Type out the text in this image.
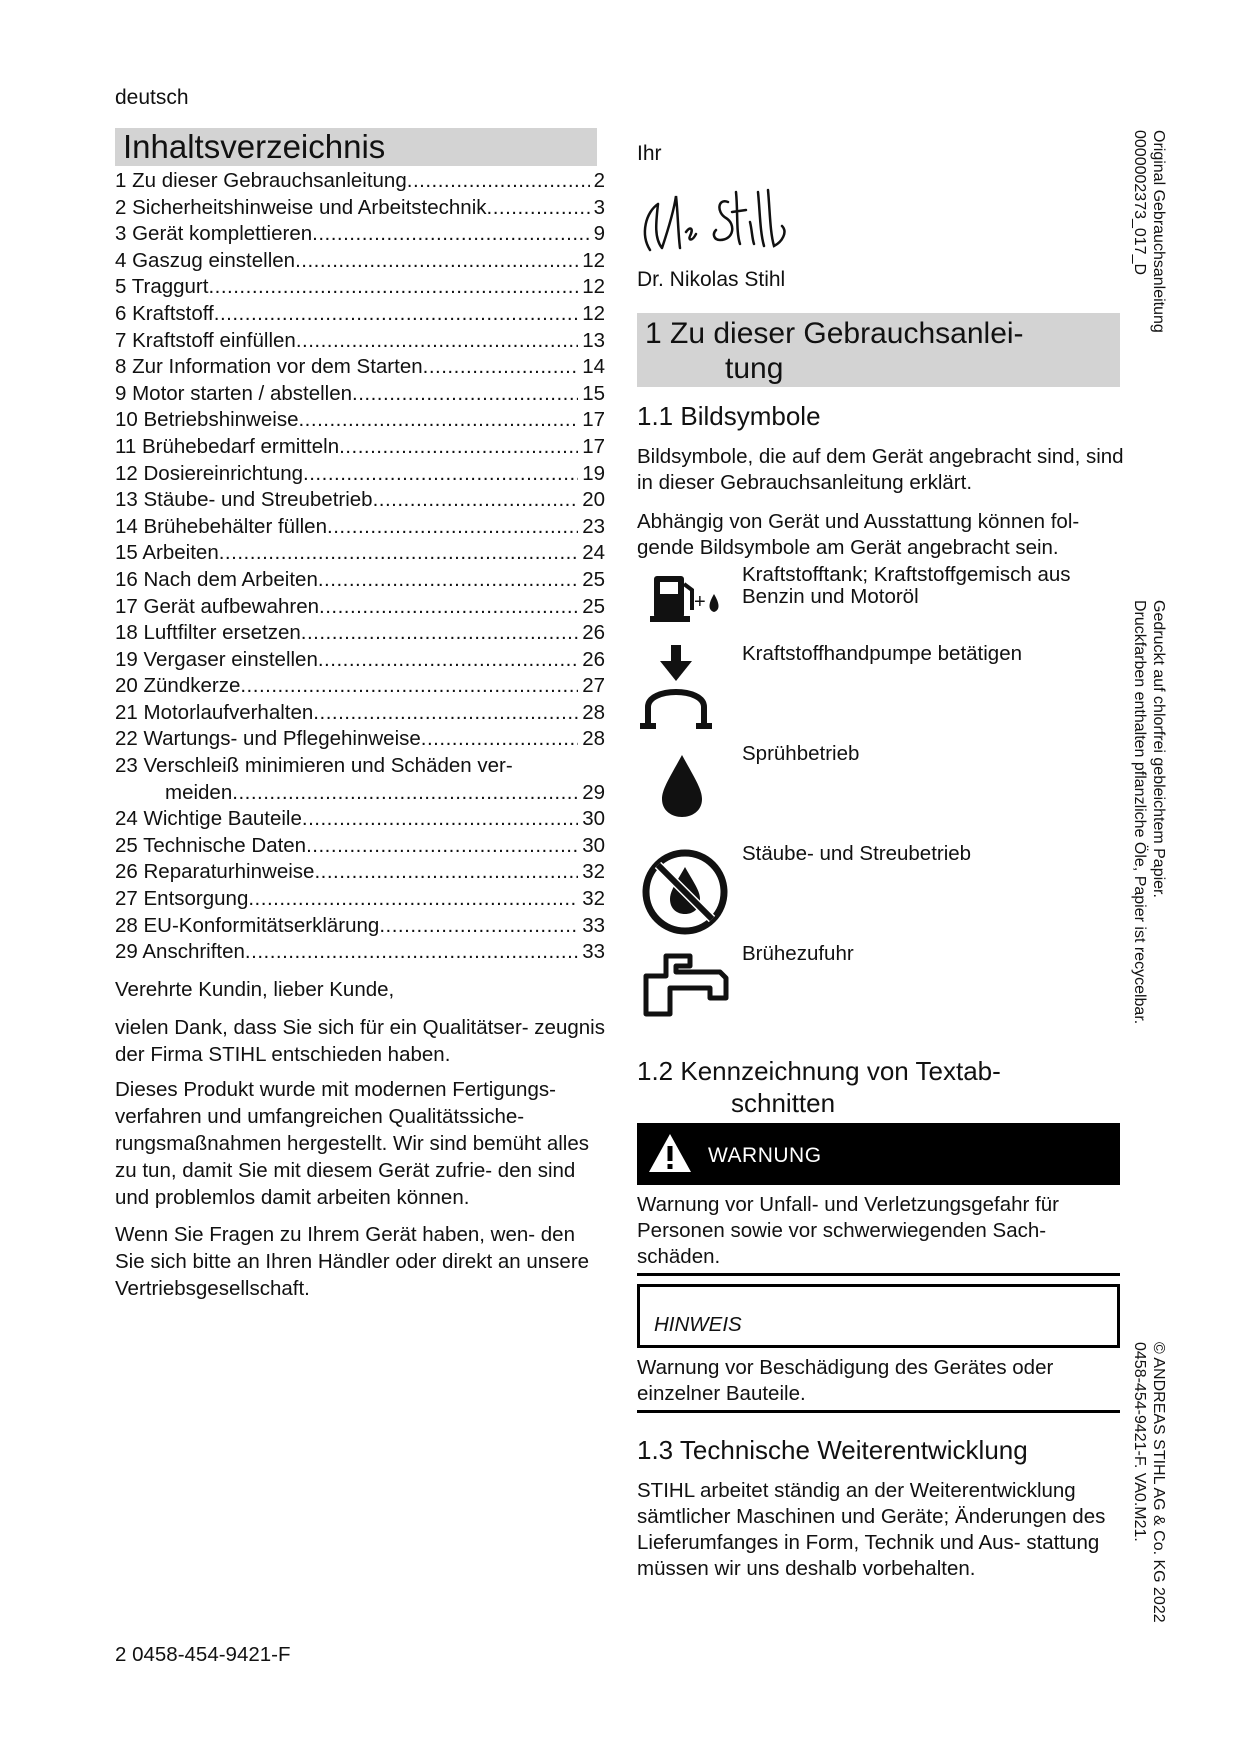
deutsch
Inhaltsverzeichnis
1 Zu dieser Gebrauchsanleitung .....	2
2 Sicherheitshinweise und Arbeitstechnik .....	3
3 Gerät komplettieren .....	9
4 Gaszug einstellen .....	12
5 Traggurt .....	12
6 Kraftstoff .....	12
7 Kraftstoff einfüllen .....	13
8 Zur Information vor dem Starten .....	14
9 Motor starten / abstellen .....	15
10 Betriebshinweise .....	17
11 Brühebedarf ermitteln .....	17
12 Dosiereinrichtung .....	19
13 Stäube- und Streubetrieb .....	20
14 Brühebehälter füllen .....	23
15 Arbeiten .....	24
16 Nach dem Arbeiten .....	25
17 Gerät aufbewahren .....	25
18 Luftfilter ersetzen .....	26
19 Vergaser einstellen .....	26
20 Zündkerze .....	27
21 Motorlaufverhalten .....	28
22 Wartungs- und Pflegehinweise .....	28
23 Verschleiß minimieren und Schäden ver-
meiden .....	29
24 Wichtige Bauteile .....	30
25 Technische Daten .....	30
26 Reparaturhinweise .....	32
27 Entsorgung .....	32
28 EU-Konformitätserklärung .....	33
29 Anschriften .....	33

Verehrte Kundin, lieber Kunde,

vielen Dank, dass Sie sich für ein Qualitätser- zeugnis der Firma STIHL entschieden haben.

Dieses Produkt wurde mit modernen Fertigungs- verfahren und umfangreichen Qualitätssiche- rungsmaßnahmen hergestellt. Wir sind bemüht alles zu tun, damit Sie mit diesem Gerät zufrie- den sind und problemlos damit arbeiten können.

Wenn Sie Fragen zu Ihrem Gerät haben, wen- den Sie sich bitte an Ihren Händler oder direkt an unsere Vertriebsgesellschaft.

2 0458-454-9421-F
Ihr
Dr. Nikolas Stihl
1 Zu dieser Gebrauchsanlei-
tung
1.1 Bildsymbole

Bildsymbole, die auf dem Gerät angebracht sind, sind in dieser Gebrauchsanleitung erklärt.

Abhängig von Gerät und Ausstattung können fol- gende Bildsymbole am Gerät angebracht sein.

+
Kraftstofftank; Kraftstoffgemisch aus Benzin und Motoröl
Kraftstoffhandpumpe betätigen
Sprühbetrieb
Stäube- und Streubetrieb
Brühezufuhr
1.2 Kennzeichnung von Textab-
schnitten
WARNUNG
Warnung vor Unfall- und Verletzungsgefahr für Personen sowie vor schwerwiegenden Sach- schäden.
HINWEIS
Warnung vor Beschädigung des Gerätes oder einzelner Bauteile.
1.3 Technische Weiterentwicklung
STIHL arbeitet ständig an der Weiterentwicklung sämtlicher Maschinen und Geräte; Änderungen des Lieferumfanges in Form, Technik und Aus- stattung müssen wir uns deshalb vorbehalten.
Original Gebrauchsanleitung
0000002373_017_D
Gedruckt auf chlorfrei gebleichtem Papier.
Druckfarben enthalten pflanzliche Öle, Papier ist recycelbar.
© ANDREAS STIHL AG & Co. KG 2022
0458-454-9421-F. VA0.M21.
